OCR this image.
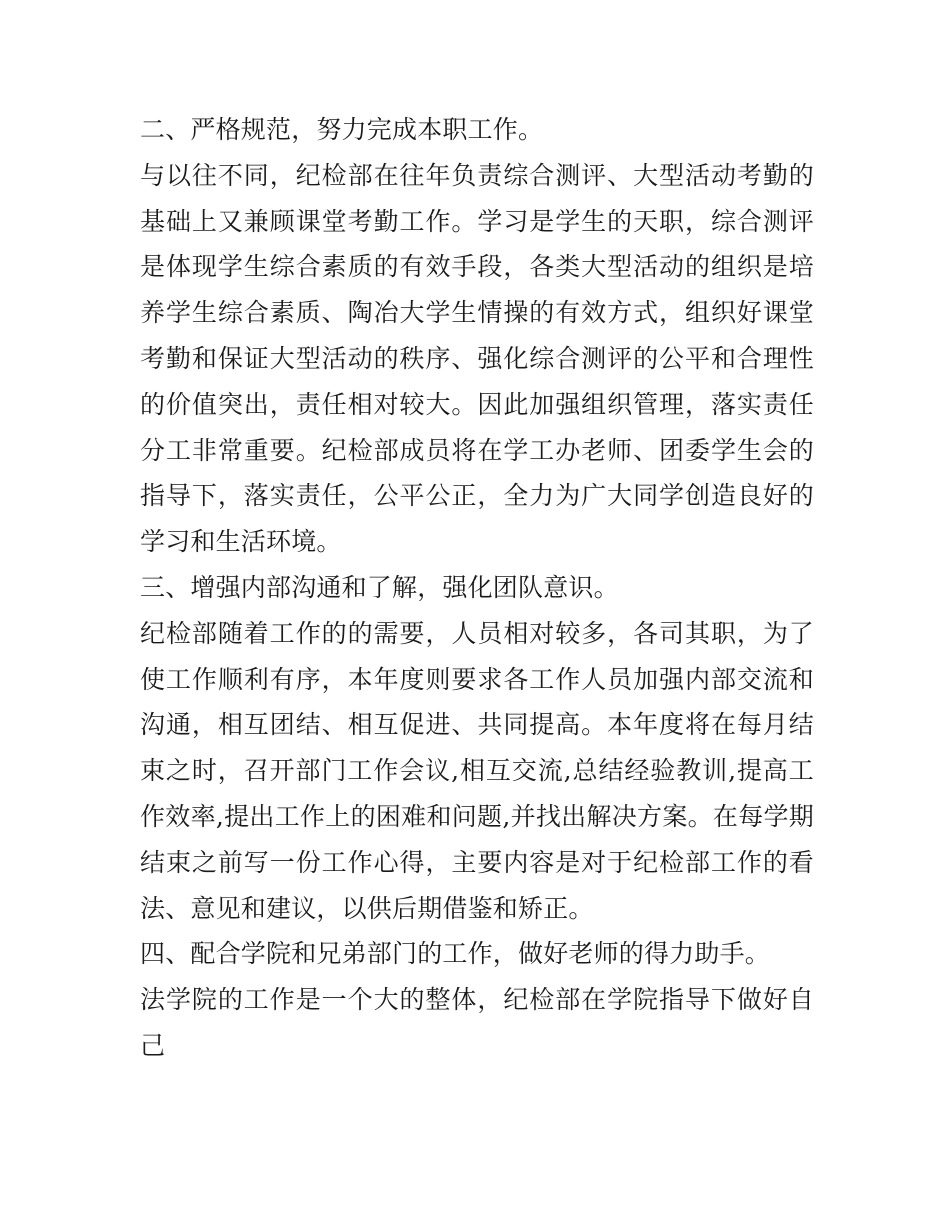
二、严格规范，努力完成本职工作。

与以往不同，纪检部在往年负责综合测评、大型活动考勤的基础上又兼顾课堂考勤工作。学习是学生的天职，综合测评是体现学生综合素质的有效手段，各类大型活动的组织是培养学生综合素质、陶冶大学生情操的有效方式，组织好课堂考勤和保证大型活动的秩序、强化综合测评的公平和合理性的价值突出，责任相对较大。因此加强组织管理，落实责任分工非常重要。纪检部成员将在学工办老师、团委学生会的指导下，落实责任，公平公正，全力为广大同学创造良好的学习和生活环境。

三、增强内部沟通和了解，强化团队意识。

纪检部随着工作的的需要，人员相对较多，各司其职，为了使工作顺利有序，本年度则要求各工作人员加强内部交流和沟通，相互团结、相互促进、共同提高。本年度将在每月结束之时，召开部门工作会议,相互交流,总结经验教训,提高工作效率,提出工作上的困难和问题,并找出解决方案。在每学期结束之前写一份工作心得，主要内容是对于纪检部工作的看法、意见和建议，以供后期借鉴和矫正。

四、配合学院和兄弟部门的工作，做好老师的得力助手。

法学院的工作是一个大的整体，纪检部在学院指导下做好自己
